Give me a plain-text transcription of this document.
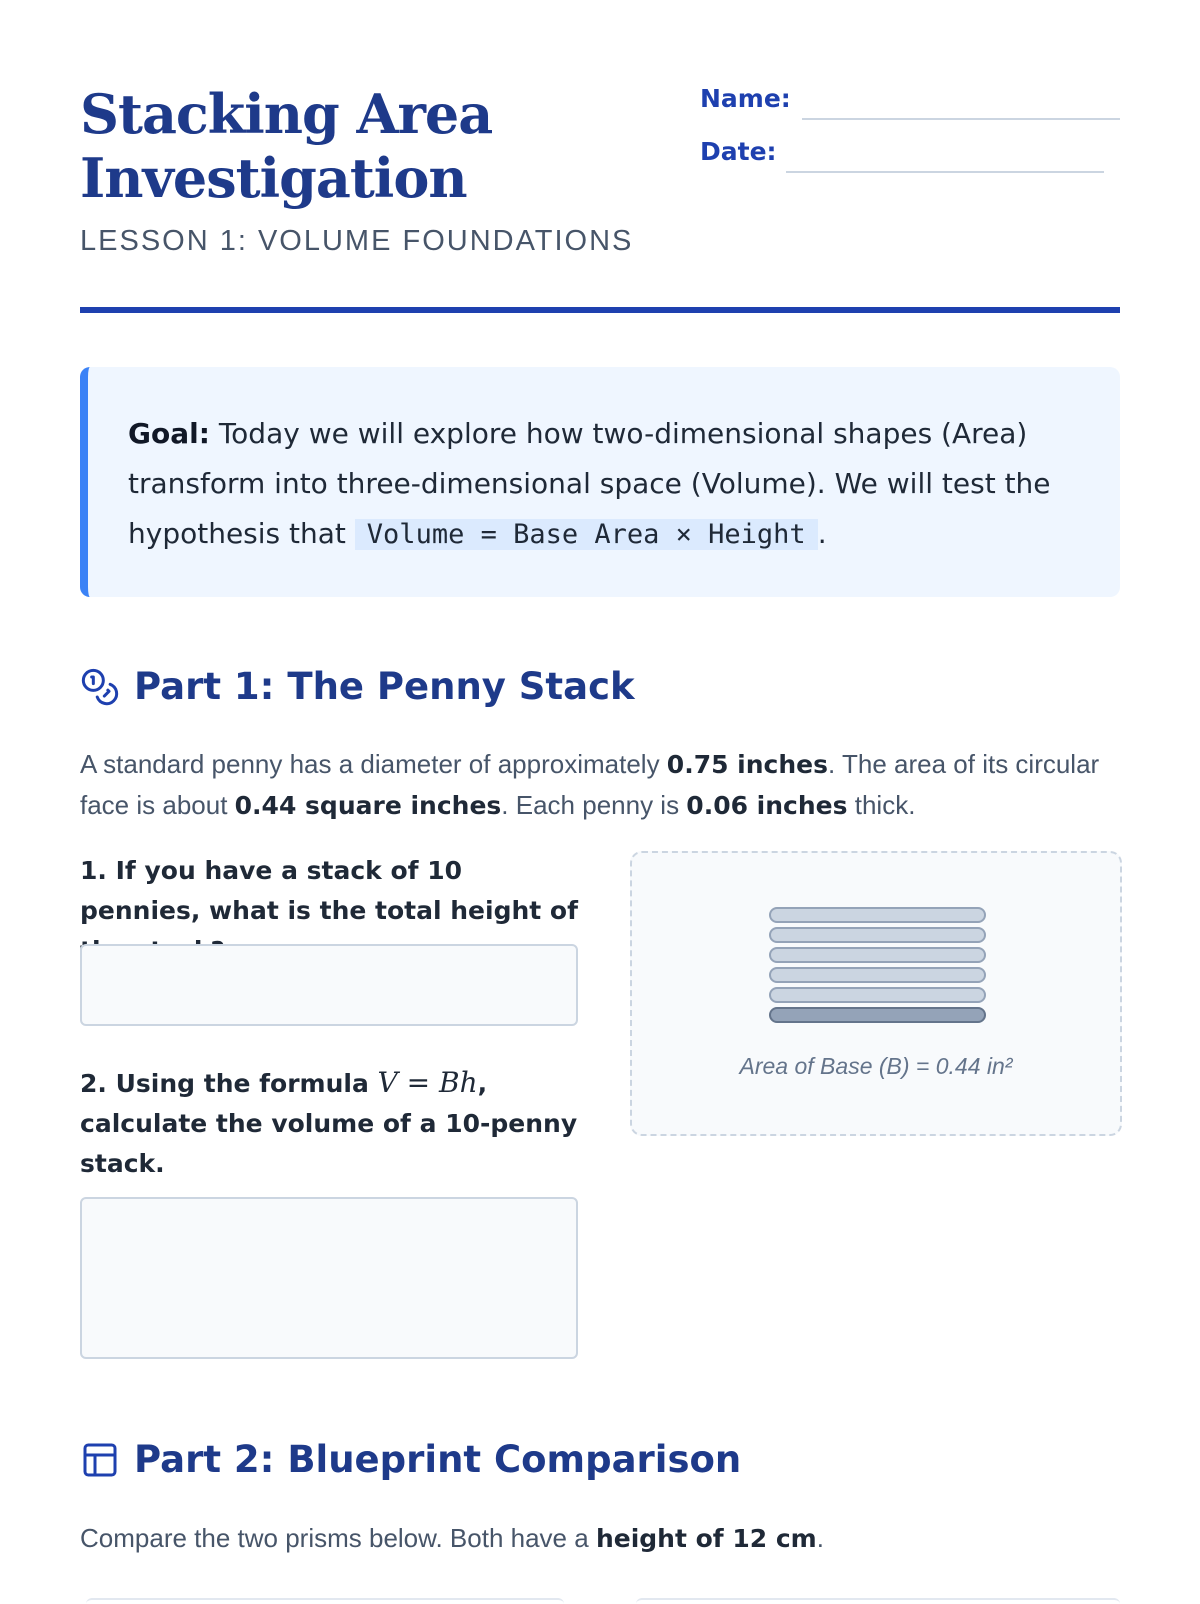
Stacking Area
Investigation
LESSON 1: VOLUME FOUNDATIONS
Name:
Date:
Goal: Today we will explore how two-dimensional shapes (Area) transform into three-dimensional space (Volume). We will test the hypothesis that Volume = Base Area × Height .
Part 1: The Penny Stack

A standard penny has a diameter of approximately 0.75 inches. The area of its circular face is about 0.44 square inches. Each penny is 0.06 inches thick.

1. If you have a stack of 10 pennies, what is the total height of

2. Using the formula V = Bh, calculate the volume of a 10-penny stack.

Area of Base (B) = 0.44 in²
Part 2: Blueprint Comparison

Compare the two prisms below. Both have a height of 12 cm.
